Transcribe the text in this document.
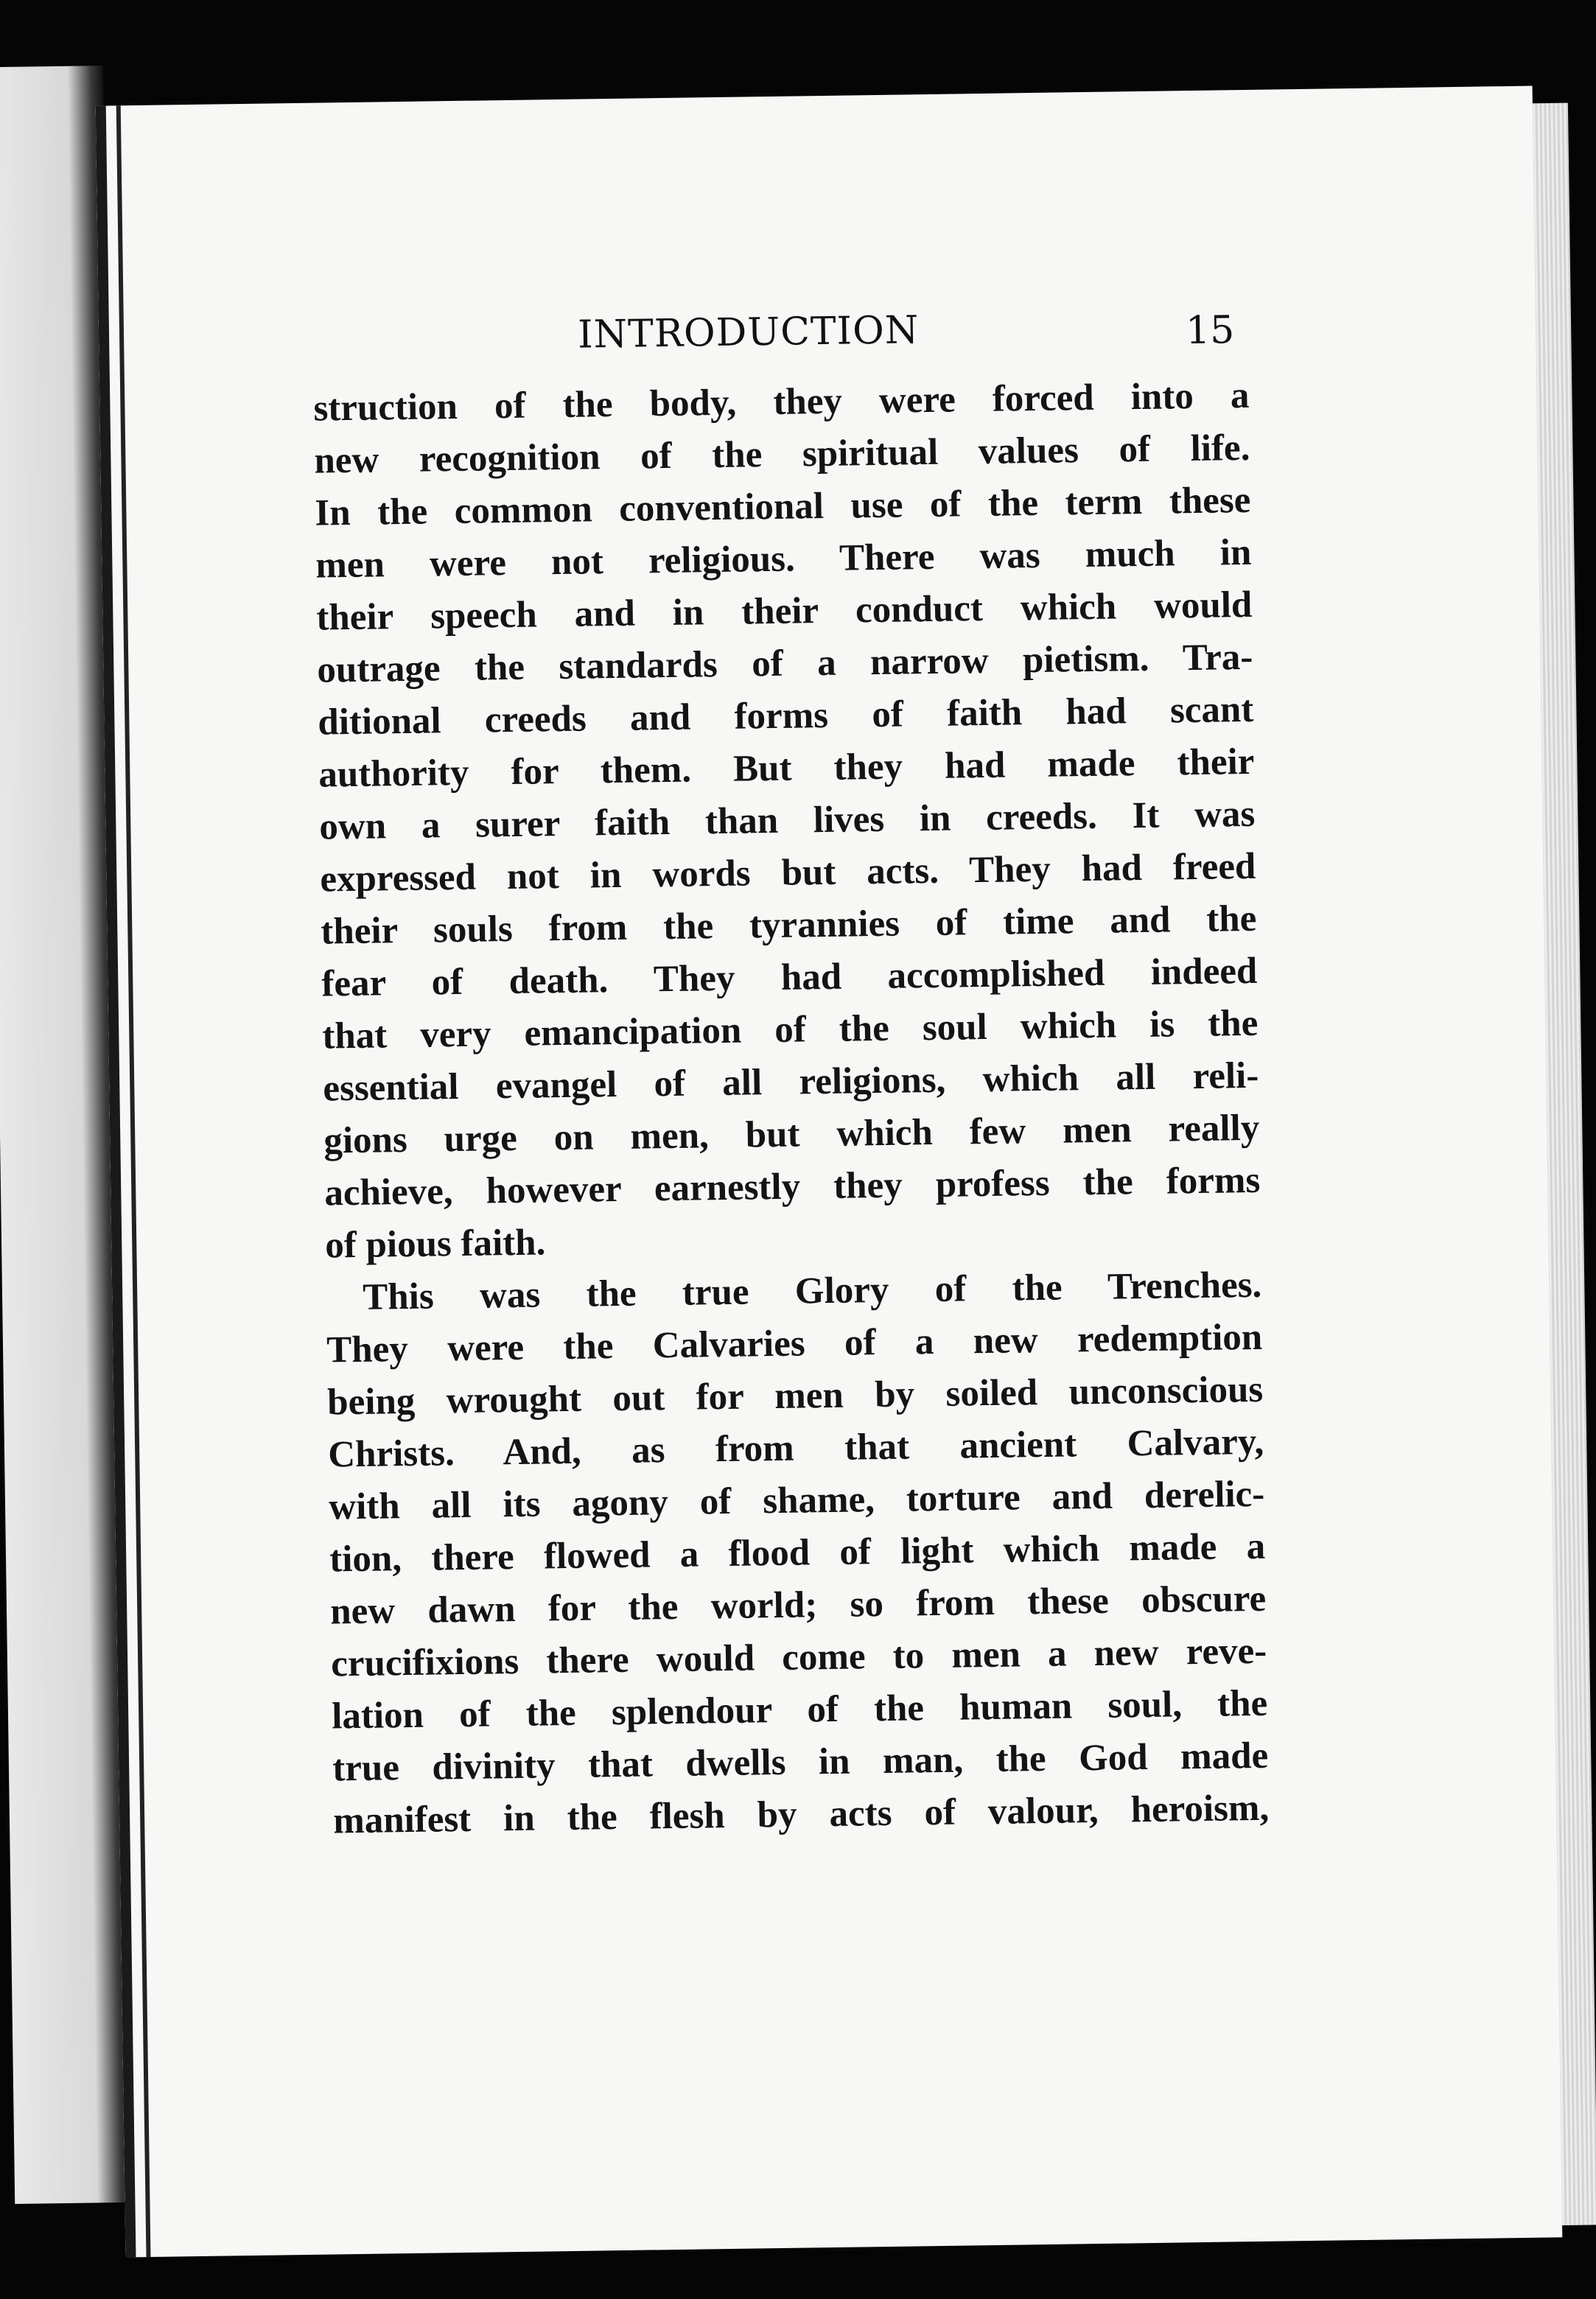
INTRODUCTION	15
struction of the body, they were forced into a
new recognition of the spiritual values of life.
In the common conventional use of the term these
men were not religious. There was much in
their speech and in their conduct which would
outrage the standards of a narrow pietism. Tra-
ditional creeds and forms of faith had scant
authority for them. But they had made their
own a surer faith than lives in creeds. It was
expressed not in words but acts. They had freed
their souls from the tyrannies of time and the
fear of death. They had accomplished indeed
that very emancipation of the soul which is the
essential evangel of all religions, which all reli-
gions urge on men, but which few men really
achieve, however earnestly they profess the forms
of pious faith.
This was the true Glory of the Trenches.
They were the Calvaries of a new redemption
being wrought out for men by soiled unconscious
Christs. And, as from that ancient Calvary,
with all its agony of shame, torture and derelic-
tion, there flowed a flood of light which made a
new dawn for the world; so from these obscure
crucifixions there would come to men a new reve-
lation of the splendour of the human soul, the
true divinity that dwells in man, the God made
manifest in the flesh by acts of valour, heroism,
